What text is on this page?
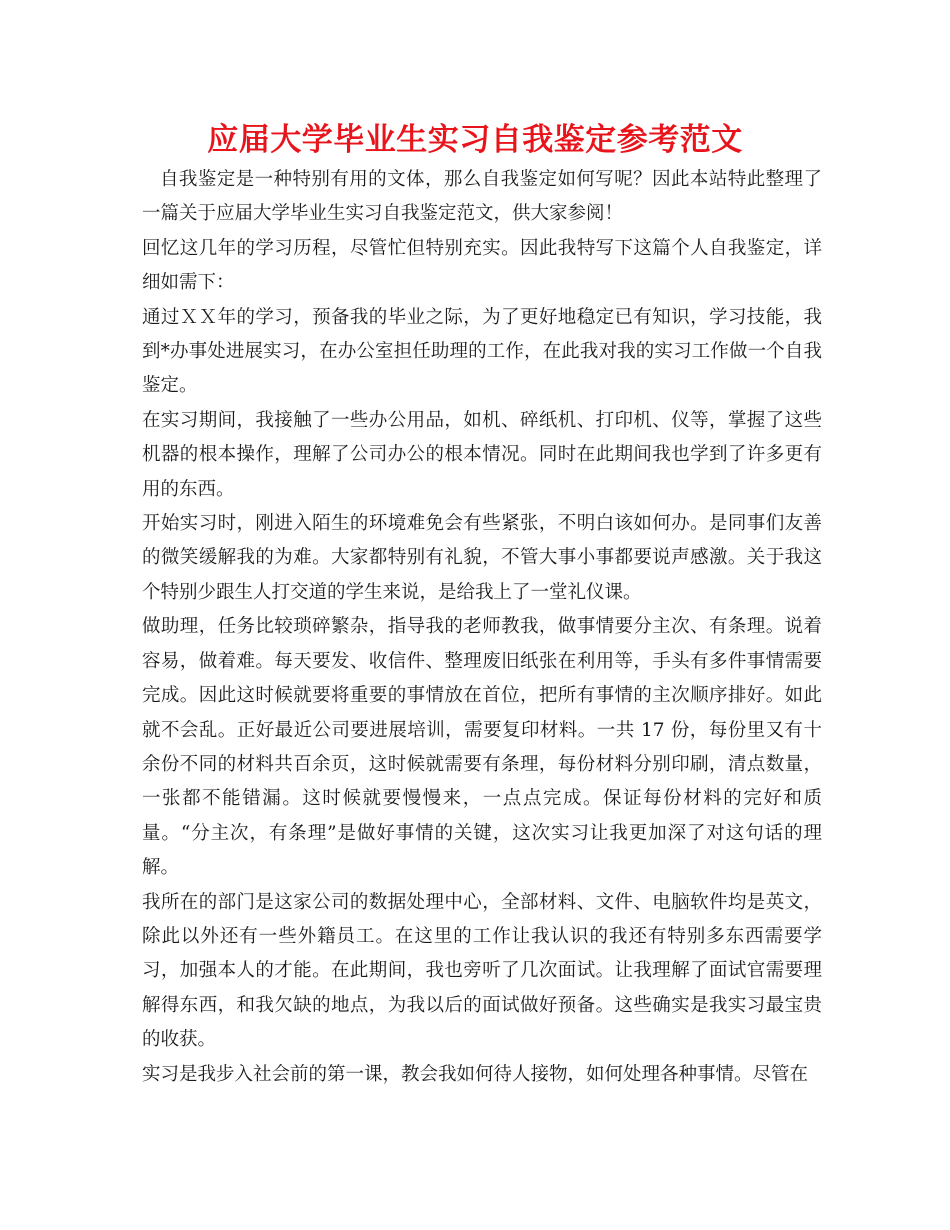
应届大学毕业生实习自我鉴定参考范文

自我鉴定是一种特别有用的文体，那么自我鉴定如何写呢？因此本站特此整理了一篇关于应届大学毕业生实习自我鉴定范文，供大家参阅！

回忆这几年的学习历程，尽管忙但特别充实。因此我特写下这篇个人自我鉴定，详细如需下：

通过ＸＸ年的学习，预备我的毕业之际，为了更好地稳定已有知识，学习技能，我到*办事处进展实习，在办公室担任助理的工作，在此我对我的实习工作做一个自我鉴定。

在实习期间，我接触了一些办公用品，如机、碎纸机、打印机、仪等，掌握了这些机器的根本操作，理解了公司办公的根本情况。同时在此期间我也学到了许多更有用的东西。

开始实习时，刚进入陌生的环境难免会有些紧张，不明白该如何办。是同事们友善的微笑缓解我的为难。大家都特别有礼貌，不管大事小事都要说声感激。关于我这个特别少跟生人打交道的学生来说，是给我上了一堂礼仪课。

做助理，任务比较琐碎繁杂，指导我的老师教我，做事情要分主次、有条理。说着容易，做着难。每天要发、收信件、整理废旧纸张在利用等，手头有多件事情需要完成。因此这时候就要将重要的事情放在首位，把所有事情的主次顺序排好。如此就不会乱。正好最近公司要进展培训，需要复印材料。一共 17 份，每份里又有十余份不同的材料共百余页，这时候就需要有条理，每份材料分别印刷，清点数量，一张都不能错漏。这时候就要慢慢来，一点点完成。保证每份材料的完好和质量。“分主次，有条理”是做好事情的关键，这次实习让我更加深了对这句话的理解。

我所在的部门是这家公司的数据处理中心，全部材料、文件、电脑软件均是英文，除此以外还有一些外籍员工。在这里的工作让我认识的我还有特别多东西需要学习，加强本人的才能。在此期间，我也旁听了几次面试。让我理解了面试官需要理解得东西，和我欠缺的地点，为我以后的面试做好预备。这些确实是我实习最宝贵的收获。

实习是我步入社会前的第一课，教会我如何待人接物，如何处理各种事情。尽管在
